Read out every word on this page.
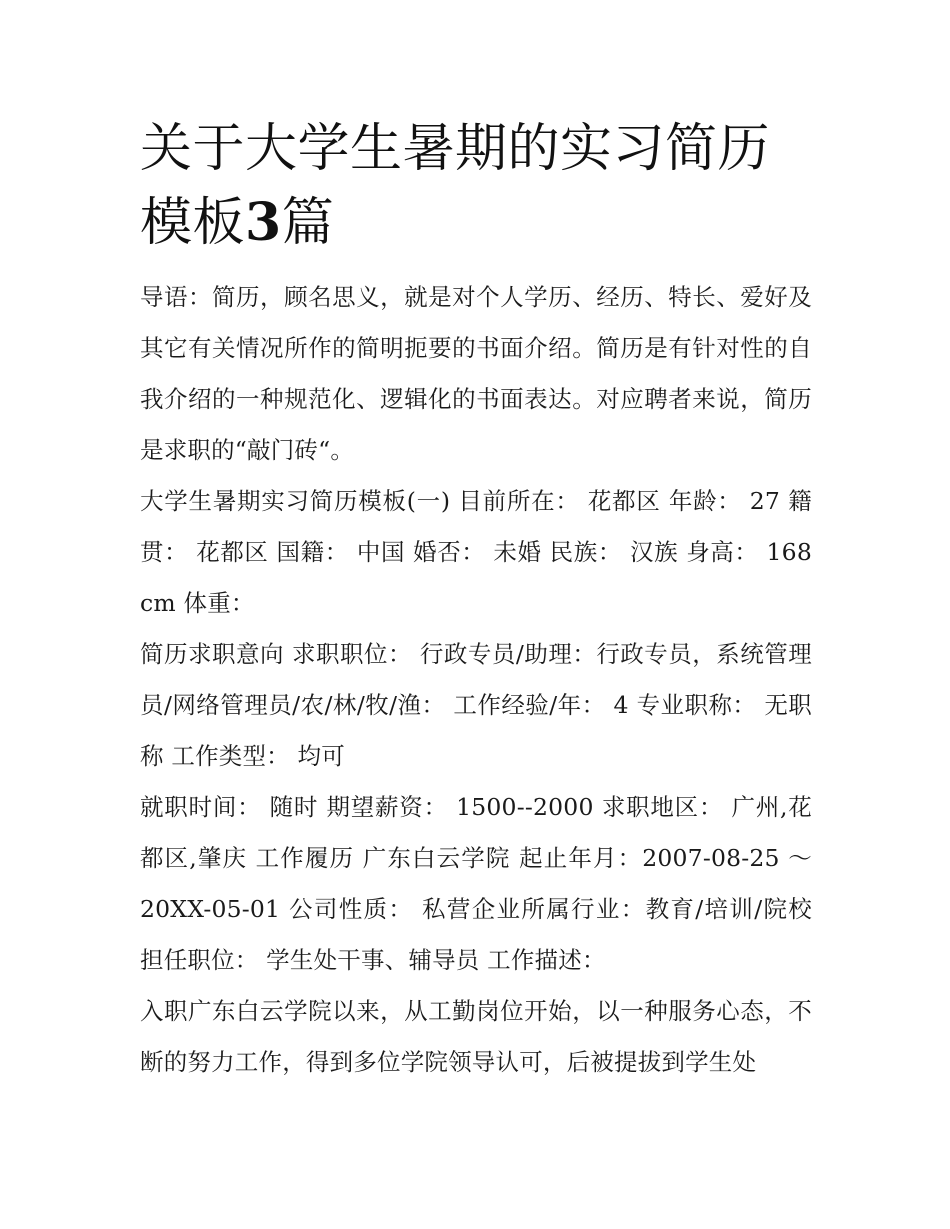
关于大学生暑期的实习简历模板3篇

导语：简历，顾名思义，就是对个人学历、经历、特长、爱好及其它有关情况所作的简明扼要的书面介绍。简历是有针对性的自我介绍的一种规范化、逻辑化的书面表达。对应聘者来说，简历是求职的“敲门砖“。

大学生暑期实习简历模板(一) 目前所在： 花都区 年龄： 27 籍贯： 花都区 国籍： 中国 婚否： 未婚 民族： 汉族 身高： 168 cm 体重：

简历求职意向 求职职位： 行政专员/助理：行政专员，系统管理员/网络管理员/农/林/牧/渔： 工作经验/年： 4 专业职称： 无职称 工作类型： 均可

就职时间： 随时 期望薪资： 1500--2000 求职地区： 广州,花都区,肇庆 工作履历 广东白云学院 起止年月：2007-08-25 ～ 20XX-05-01 公司性质： 私营企业所属行业：教育/培训/院校 担任职位： 学生处干事、辅导员 工作描述：

入职广东白云学院以来，从工勤岗位开始，以一种服务心态，不断的努力工作，得到多位学院领导认可，后被提拔到学生处
